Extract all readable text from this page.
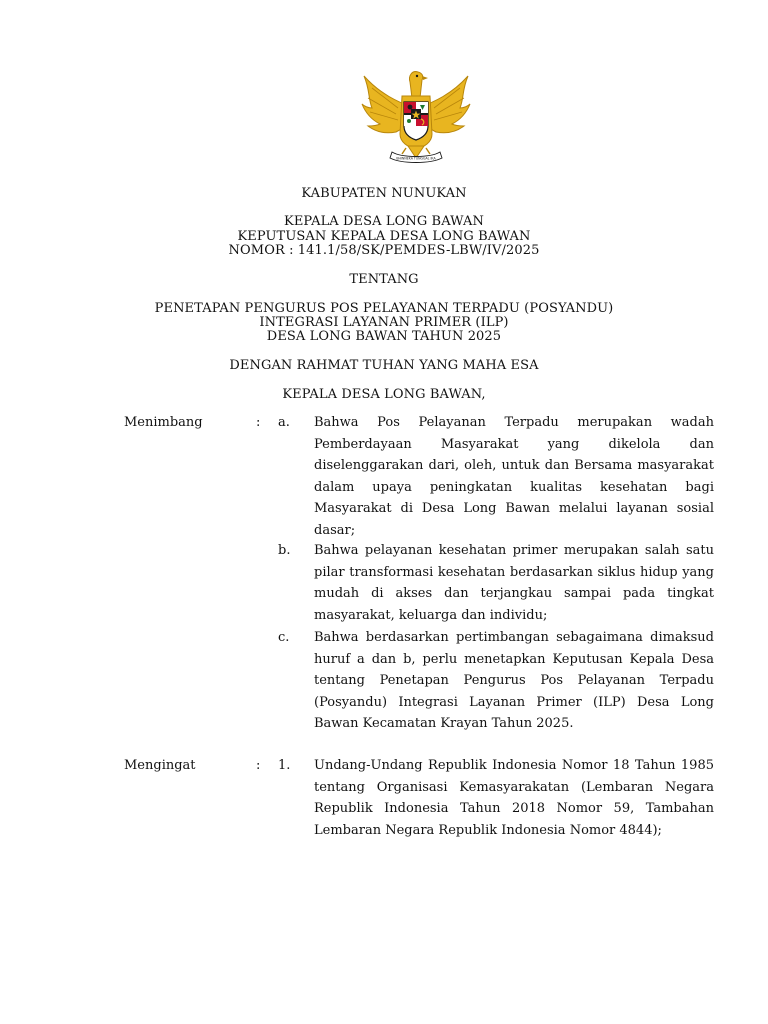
BHINNEKA TUNGGAL IKA
KABUPATEN NUNUKAN
KEPALA DESA LONG BAWAN
KEPUTUSAN KEPALA DESA LONG BAWAN
NOMOR : 141.1/58/SK/PEMDES-LBW/IV/2025
TENTANG
PENETAPAN PENGURUS POS PELAYANAN TERPADU (POSYANDU)
INTEGRASI LAYANAN PRIMER (ILP)
DESA LONG BAWAN TAHUN 2025
DENGAN RAHMAT TUHAN YANG MAHA ESA
KEPALA DESA LONG BAWAN,
Menimbang	: a. Bahwa Pos Pelayanan Terpadu merupakan wadah Pemberdayaan Masyarakat yang dikelola dan diselenggarakan dari, oleh, untuk dan Bersama masyarakat dalam upaya peningkatan kualitas kesehatan bagi Masyarakat di Desa Long Bawan melalui layanan sosial dasar;
b. Bahwa pelayanan kesehatan primer merupakan salah satu pilar transformasi kesehatan berdasarkan siklus hidup yang mudah di akses dan terjangkau sampai pada tingkat masyarakat, keluarga dan individu;
c. Bahwa berdasarkan pertimbangan sebagaimana dimaksud huruf a dan b, perlu menetapkan Keputusan Kepala Desa tentang Penetapan Pengurus Pos Pelayanan Terpadu (Posyandu) Integrasi Layanan Primer (ILP) Desa Long Bawan Kecamatan Krayan Tahun 2025.
Mengingat	: 1. Undang-Undang Republik Indonesia Nomor 18 Tahun 1985 tentang Organisasi Kemasyarakatan (Lembaran Negara Republik Indonesia Tahun 2018 Nomor 59, Tambahan Lembaran Negara Republik Indonesia Nomor 4844);
